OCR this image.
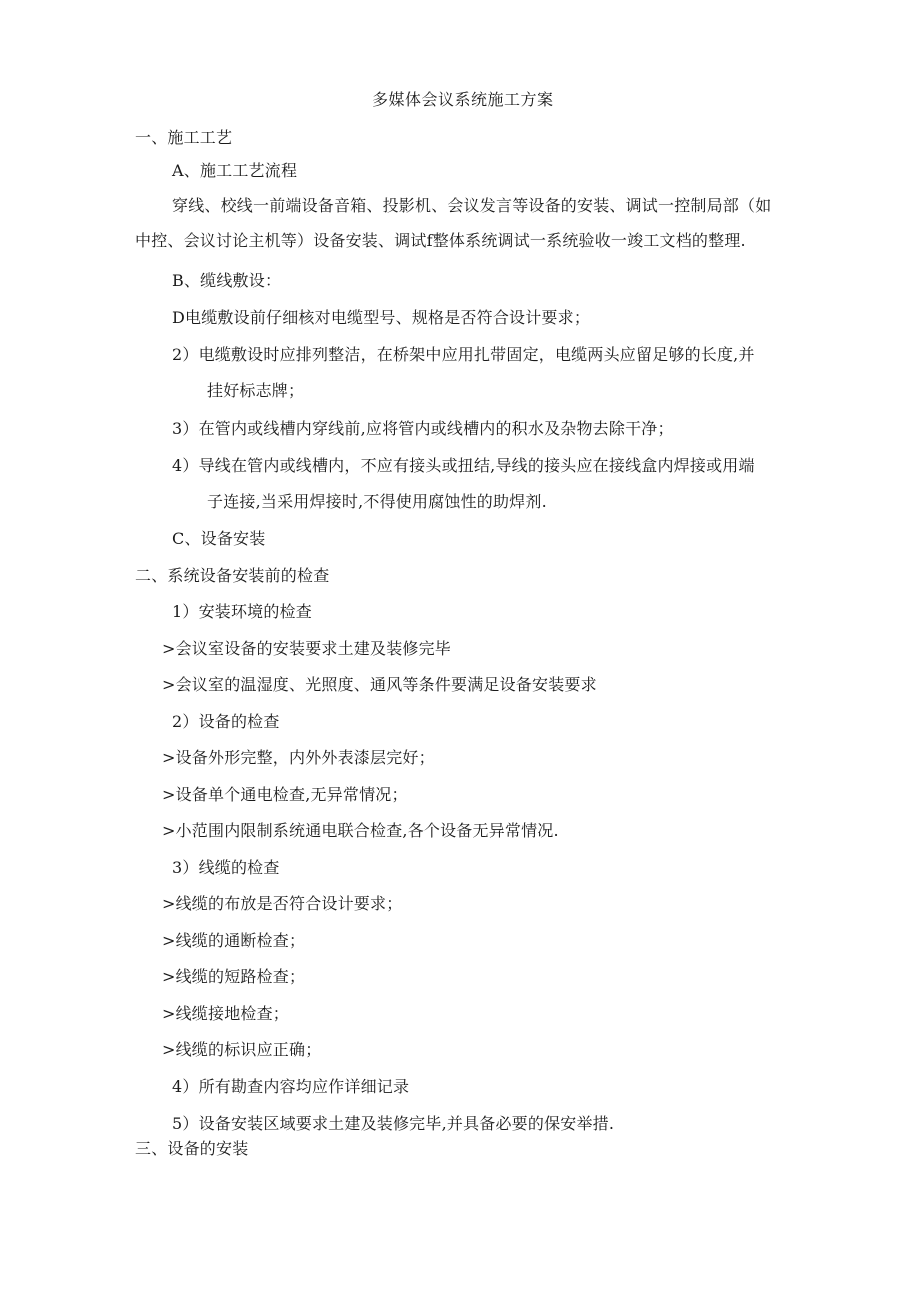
多媒体会议系统施工方案
一、施工工艺
A、施工工艺流程
穿线、校线一前端设备音箱、投影机、会议发言等设备的安装、调试一控制局部（如
中控、会议讨论主机等）设备安装、调试f整体系统调试一系统验收一竣工文档的整理.
B、缆线敷设：
D电缆敷设前仔细核对电缆型号、规格是否符合设计要求；
2）电缆敷设时应排列整洁，在桥架中应用扎带固定，电缆两头应留足够的长度,并
挂好标志牌；
3）在管内或线槽内穿线前,应将管内或线槽内的积水及杂物去除干净；
4）导线在管内或线槽内，不应有接头或扭结,导线的接头应在接线盒内焊接或用端
子连接,当采用焊接时,不得使用腐蚀性的助焊剂.
C、设备安装
二、系统设备安装前的检查
1）安装环境的检查
>会议室设备的安装要求土建及装修完毕
>会议室的温湿度、光照度、通风等条件要满足设备安装要求
2）设备的检查
>设备外形完整，内外外表漆层完好；
>设备单个通电检查,无异常情况；
>小范围内限制系统通电联合检查,各个设备无异常情况.
3）线缆的检查
>线缆的布放是否符合设计要求；
>线缆的通断检查；
>线缆的短路检查；
>线缆接地检查；
>线缆的标识应正确；
4）所有勘查内容均应作详细记录
5）设备安装区域要求土建及装修完毕,并具备必要的保安举措.
三、设备的安装
